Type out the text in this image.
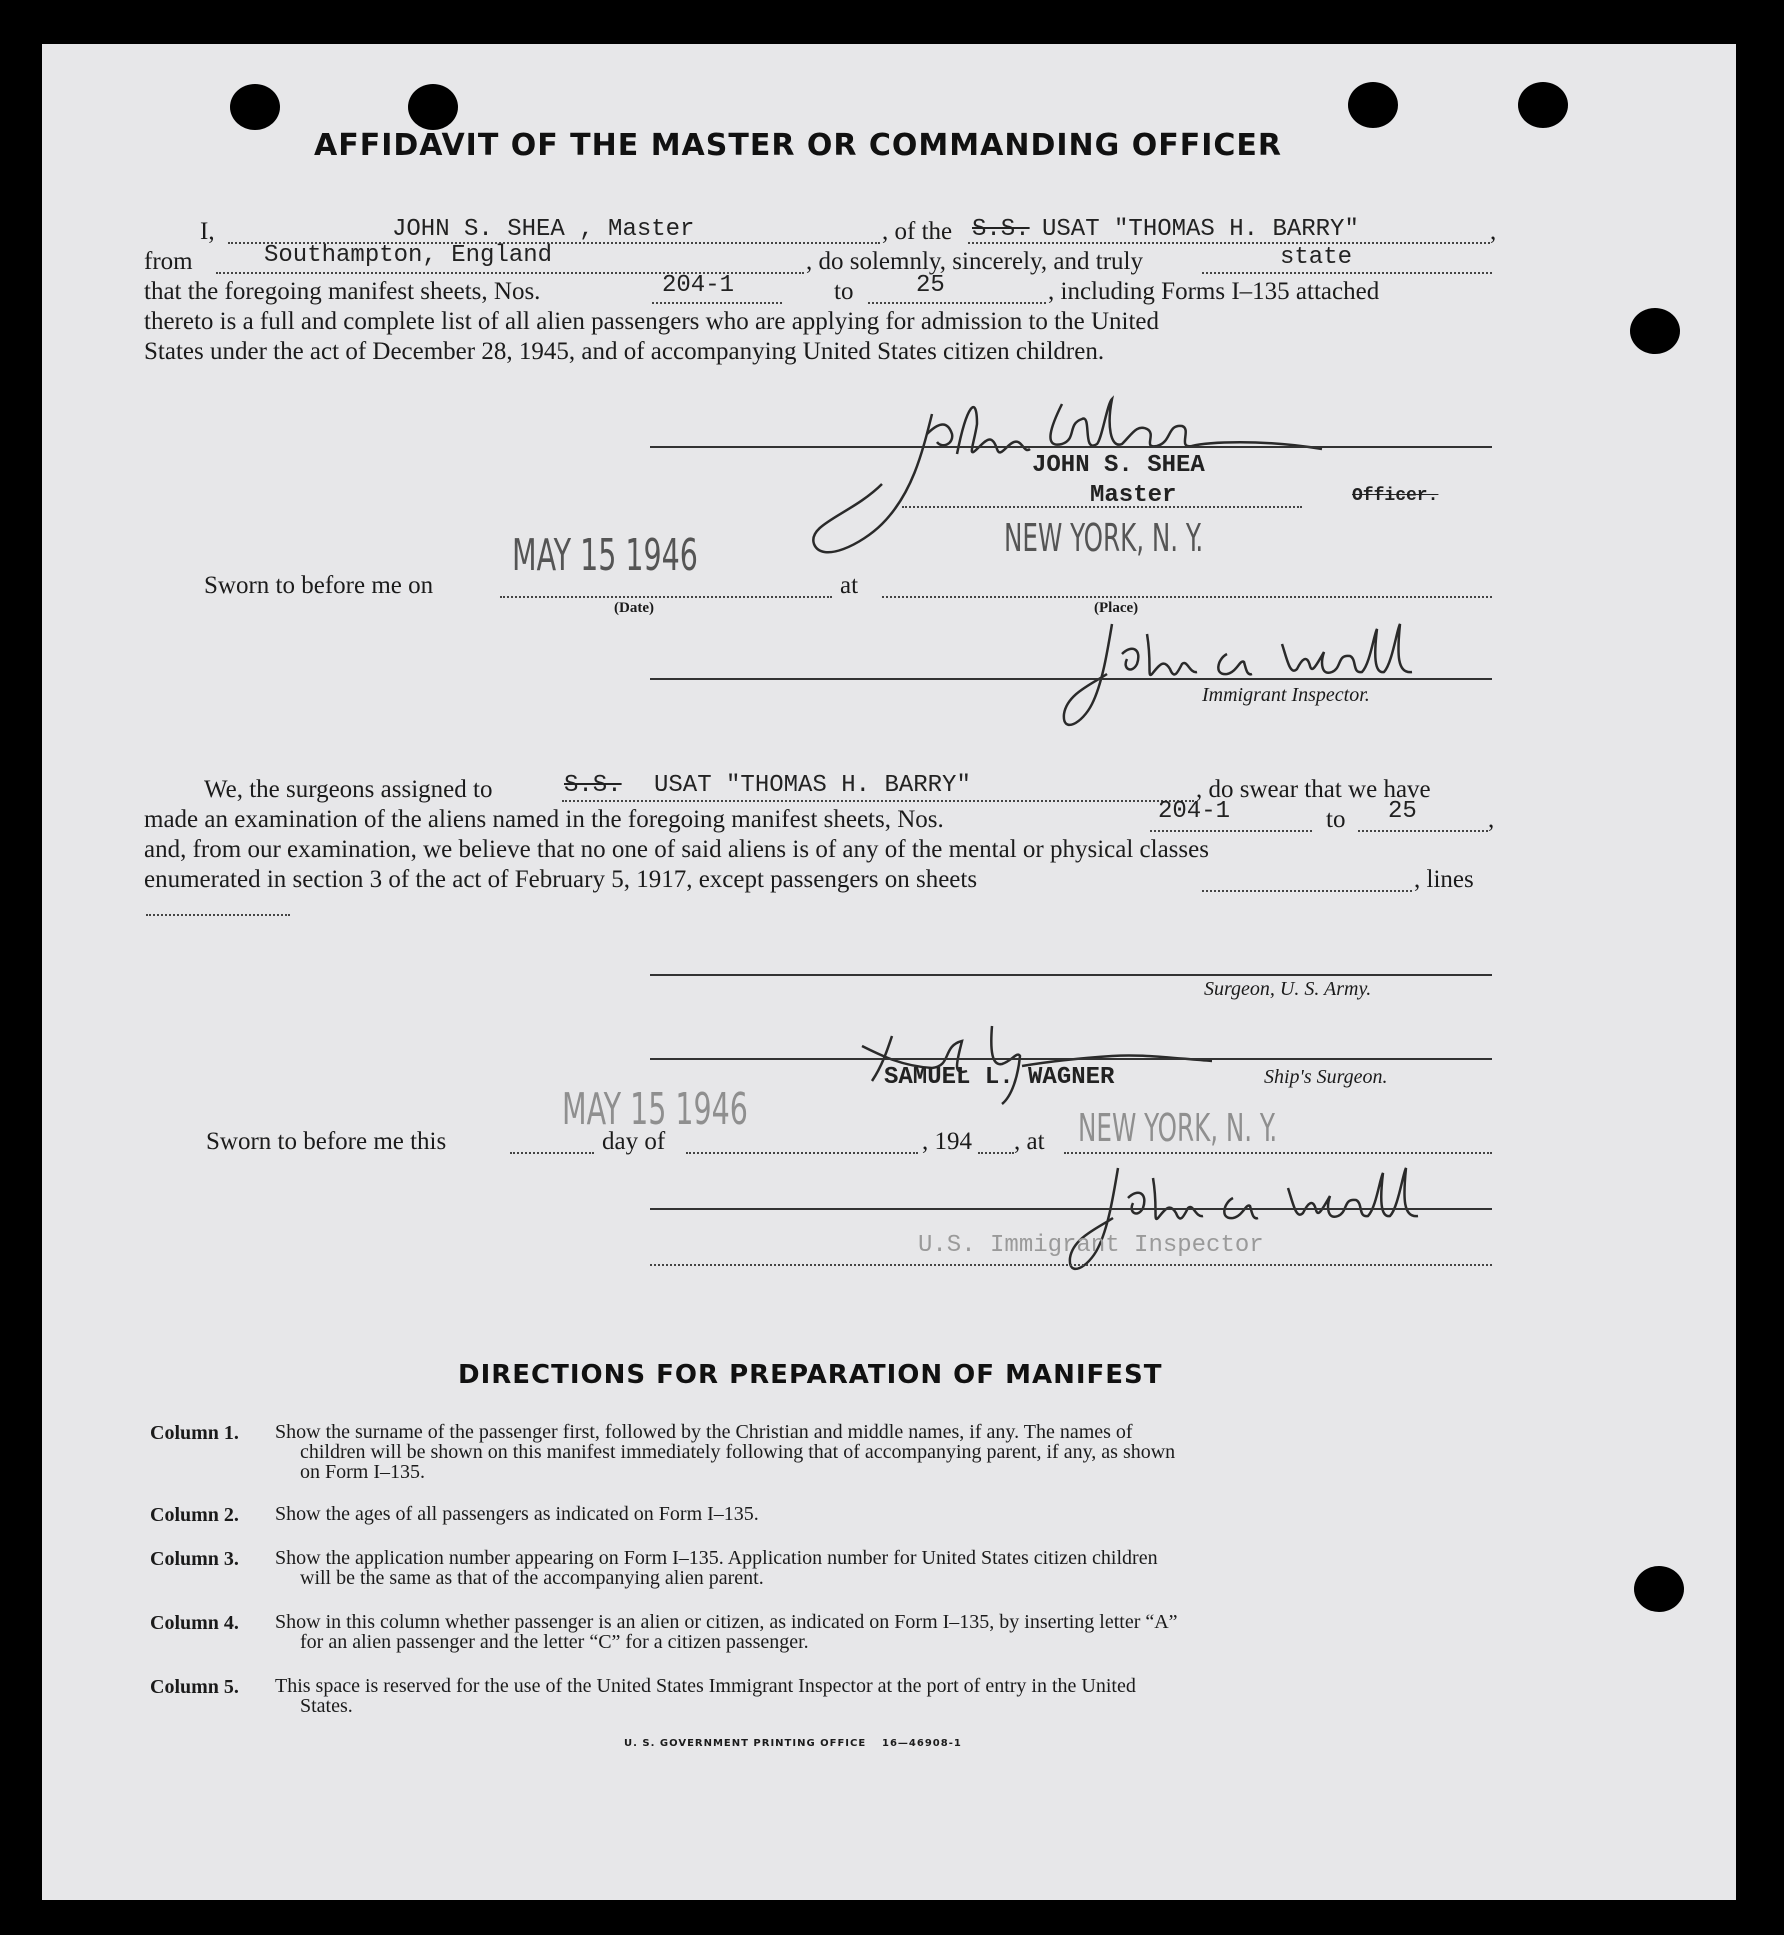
AFFIDAVIT OF THE MASTER OR COMMANDING OFFICER
I,	JOHN S. SHEA , Master	, of the S.S. USAT "THOMAS H. BARRY"	,
from	Southampton, England	, do solemnly, sincerely, and truly	state
that the foregoing manifest sheets, Nos.	204-1	to	25	, including Forms I–135 attached
thereto is a full and complete list of all alien passengers who are applying for admission to the United
States under the act of December 28, 1945, and of accompanying United States citizen children.
JOHN S. SHEA
Master	Officer.
Sworn to before me on
MAY 15 1946
at
NEW YORK, N. Y.
(Date)	(Place)
Immigrant Inspector.
We, the surgeons assigned to	S.S. USAT "THOMAS H. BARRY"	, do swear that we have
made an examination of the aliens named in the foregoing manifest sheets, Nos.	204-1	to 25	,
and, from our examination, we believe that no one of said aliens is of any of the mental or physical classes
enumerated in section 3 of the act of February 5, 1917, except passengers on sheets	, lines
Surgeon, U. S. Army.
SAMUEL L. WAGNER	Ship's Surgeon.
Sworn to before me this	day of
MAY 15 1946
, 194 , at NEW YORK, N. Y.
U.S. Immigrant Inspector
DIRECTIONS FOR PREPARATION OF MANIFEST
Column 1. Show the surname of the passenger first, followed by the Christian and middle names, if any. The names of
children will be shown on this manifest immediately following that of accompanying parent, if any, as shown
on Form I–135.
Column 2. Show the ages of all passengers as indicated on Form I–135.
Column 3. Show the application number appearing on Form I–135. Application number for United States citizen children
will be the same as that of the accompanying alien parent.
Column 4. Show in this column whether passenger is an alien or citizen, as indicated on Form I–135, by inserting letter “A”
for an alien passenger and the letter “C” for a citizen passenger.
Column 5. This space is reserved for the use of the United States Immigrant Inspector at the port of entry in the United
States.
U. S. GOVERNMENT PRINTING OFFICE 16—46908-1
